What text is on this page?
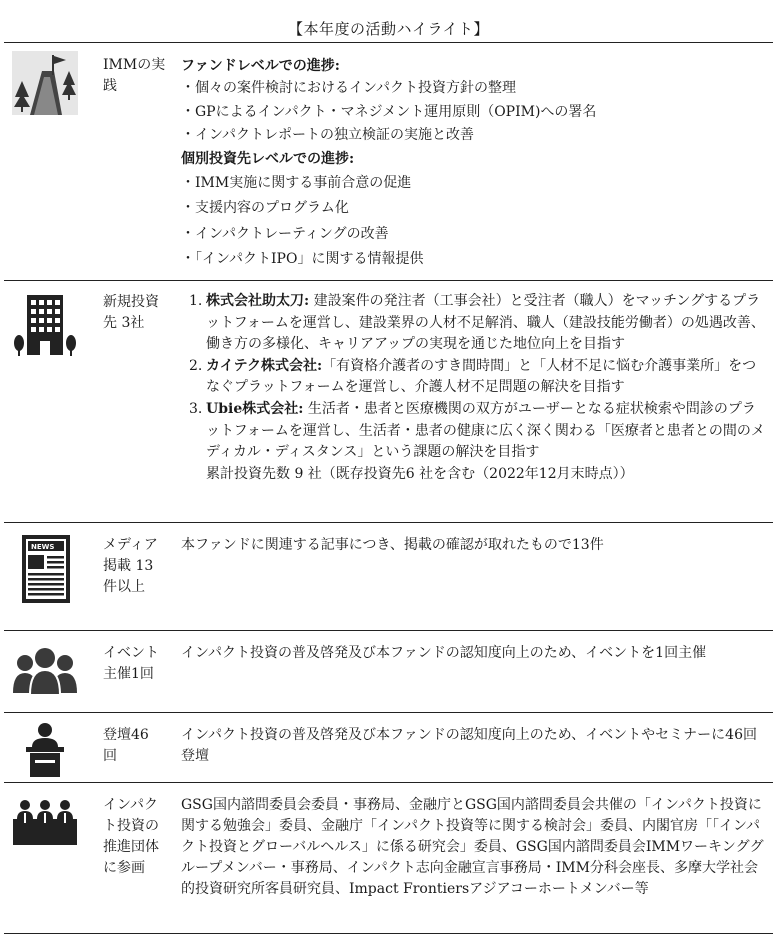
【本年度の活動ハイライト】
IMMの実践
ファンドレベルでの進捗:
・個々の案件検討におけるインパクト投資方針の整理
・GPによるインパクト・マネジメント運用原則（OPIM)への署名
・インパクトレポートの独立検証の実施と改善
個別投資先レベルでの進捗:
・IMM実施に関する事前合意の促進
・支援内容のプログラム化
・インパクトレーティングの改善
・「インパクトIPO」に関する情報提供
新規投資先 3社
1. 株式会社助太刀: 建設案件の発注者（工事会社）と受注者（職人）をマッチングするプラットフォームを運営し、建設業界の人材不足解消、職人（建設技能労働者）の処遇改善、働き方の多様化、キャリアアップの実現を通じた地位向上を目指す
2. カイテク株式会社:「有資格介護者のすき間時間」と「人材不足に悩む介護事業所」をつなぐプラットフォームを運営し、介護人材不足問題の解決を目指す
3. Ubie株式会社: 生活者・患者と医療機関の双方がユーザーとなる症状検索や問診のプラットフォームを運営し、生活者・患者の健康に広く深く関わる「医療者と患者との間のメディカル・ディスタンス」という課題の解決を目指す
累計投資先数 9 社（既存投資先6 社を含む（2022年12月末時点））
NEWS	メディア掲載 13件以上
本ファンドに関連する記事につき、掲載の確認が取れたもので13件
イベント主催1回
インパクト投資の普及啓発及び本ファンドの認知度向上のため、イベントを1回主催
登壇46回
インパクト投資の普及啓発及び本ファンドの認知度向上のため、イベントやセミナーに46回登壇
インパクト投資の推進団体に参画
GSG国内諮問委員会委員・事務局、金融庁とGSG国内諮問委員会共催の「インパクト投資に関する勉強会」委員、金融庁「インパクト投資等に関する検討会」委員、内閣官房「「インパクト投資とグローバルヘルス」に係る研究会」委員、GSG国内諮問委員会IMMワーキンググループメンバー・事務局、インパクト志向金融宣言事務局・IMM分科会座長、多摩大学社会的投資研究所客員研究員、Impact Frontiersアジアコーホートメンバー等
